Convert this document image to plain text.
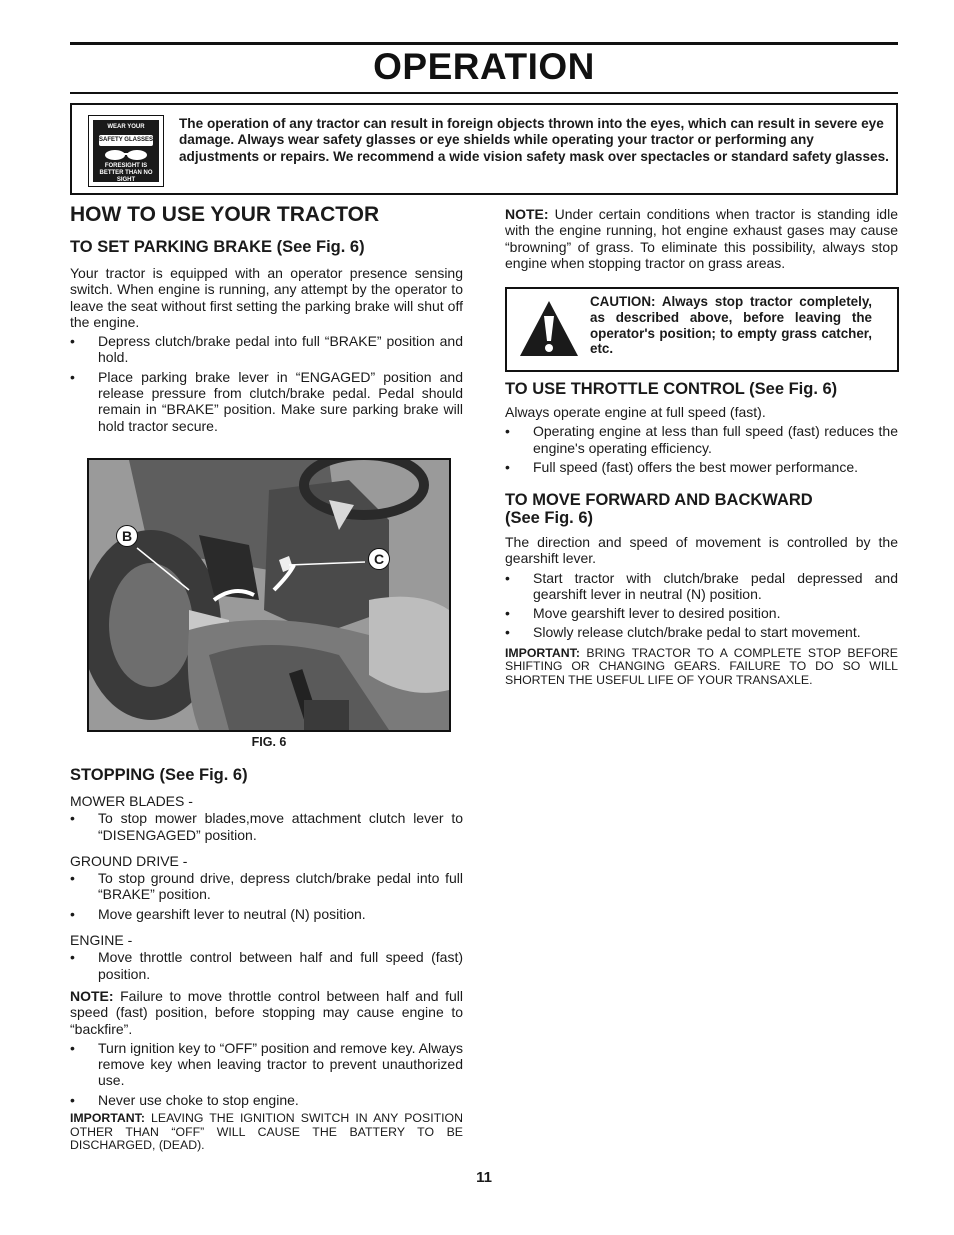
OPERATION
WEAR YOUR
SAFETY GLASSES
FORESIGHT IS BETTER THAN NO SIGHT
The operation of any tractor can result in foreign objects thrown into the eyes, which can result in severe eye damage. Always wear safety glasses or eye shields while operating your tractor or performing any adjustments or repairs. We recommend a wide vision safety mask over spectacles or standard safety glasses.
HOW TO USE YOUR TRACTOR
TO SET PARKING BRAKE (See Fig. 6)

Your tractor is equipped with an operator presence sensing switch. When engine is running, any attempt by the operator to leave the seat without first setting the parking brake will shut off the engine.

• Depress clutch/brake pedal into full “BRAKE” position and hold.
• Place parking brake lever in “ENGAGED” position and release pressure from clutch/brake pedal. Pedal should remain in “BRAKE” position. Make sure parking brake will hold tractor secure.
B
C
FIG. 6
STOPPING (See Fig. 6)

MOWER BLADES -

• To stop mower blades,move attachment clutch lever to “DISENGAGED” position.

GROUND DRIVE -

• To stop ground drive, depress clutch/brake pedal into full “BRAKE” position.
• Move gearshift lever to neutral (N) position.

ENGINE -

• Move throttle control between half and full speed (fast) position.

NOTE: Failure to move throttle control between half and full speed (fast) position, before stopping may cause engine to “backfire”.

• Turn ignition key to “OFF” position and remove key. Always remove key when leaving tractor to prevent unauthorized use.
• Never use choke to stop engine.

IMPORTANT: LEAVING THE IGNITION SWITCH IN ANY POSITION OTHER THAN “OFF” WILL CAUSE THE BATTERY TO BE DISCHARGED, (DEAD).

NOTE: Under certain conditions when tractor is standing idle with the engine running, hot engine exhaust gases may cause “browning” of grass. To eliminate this possibility, always stop engine when stopping tractor on grass areas.

CAUTION: Always stop tractor completely, as described above, before leaving the operator's position; to empty grass catcher, etc.
TO USE THROTTLE CONTROL (See Fig. 6)

Always operate engine at full speed (fast).

• Operating engine at less than full speed (fast) reduces the engine's operating efficiency.
• Full speed (fast) offers the best mower performance.
TO MOVE FORWARD AND BACKWARD
(See Fig. 6)

The direction and speed of movement is controlled by the gearshift lever.

• Start tractor with clutch/brake pedal depressed and gearshift lever in neutral (N) position.
• Move gearshift lever to desired position.
• Slowly release clutch/brake pedal to start movement.

IMPORTANT: BRING TRACTOR TO A COMPLETE STOP BEFORE SHIFTING OR CHANGING GEARS. FAILURE TO DO SO WILL SHORTEN THE USEFUL LIFE OF YOUR TRANSAXLE.

11
